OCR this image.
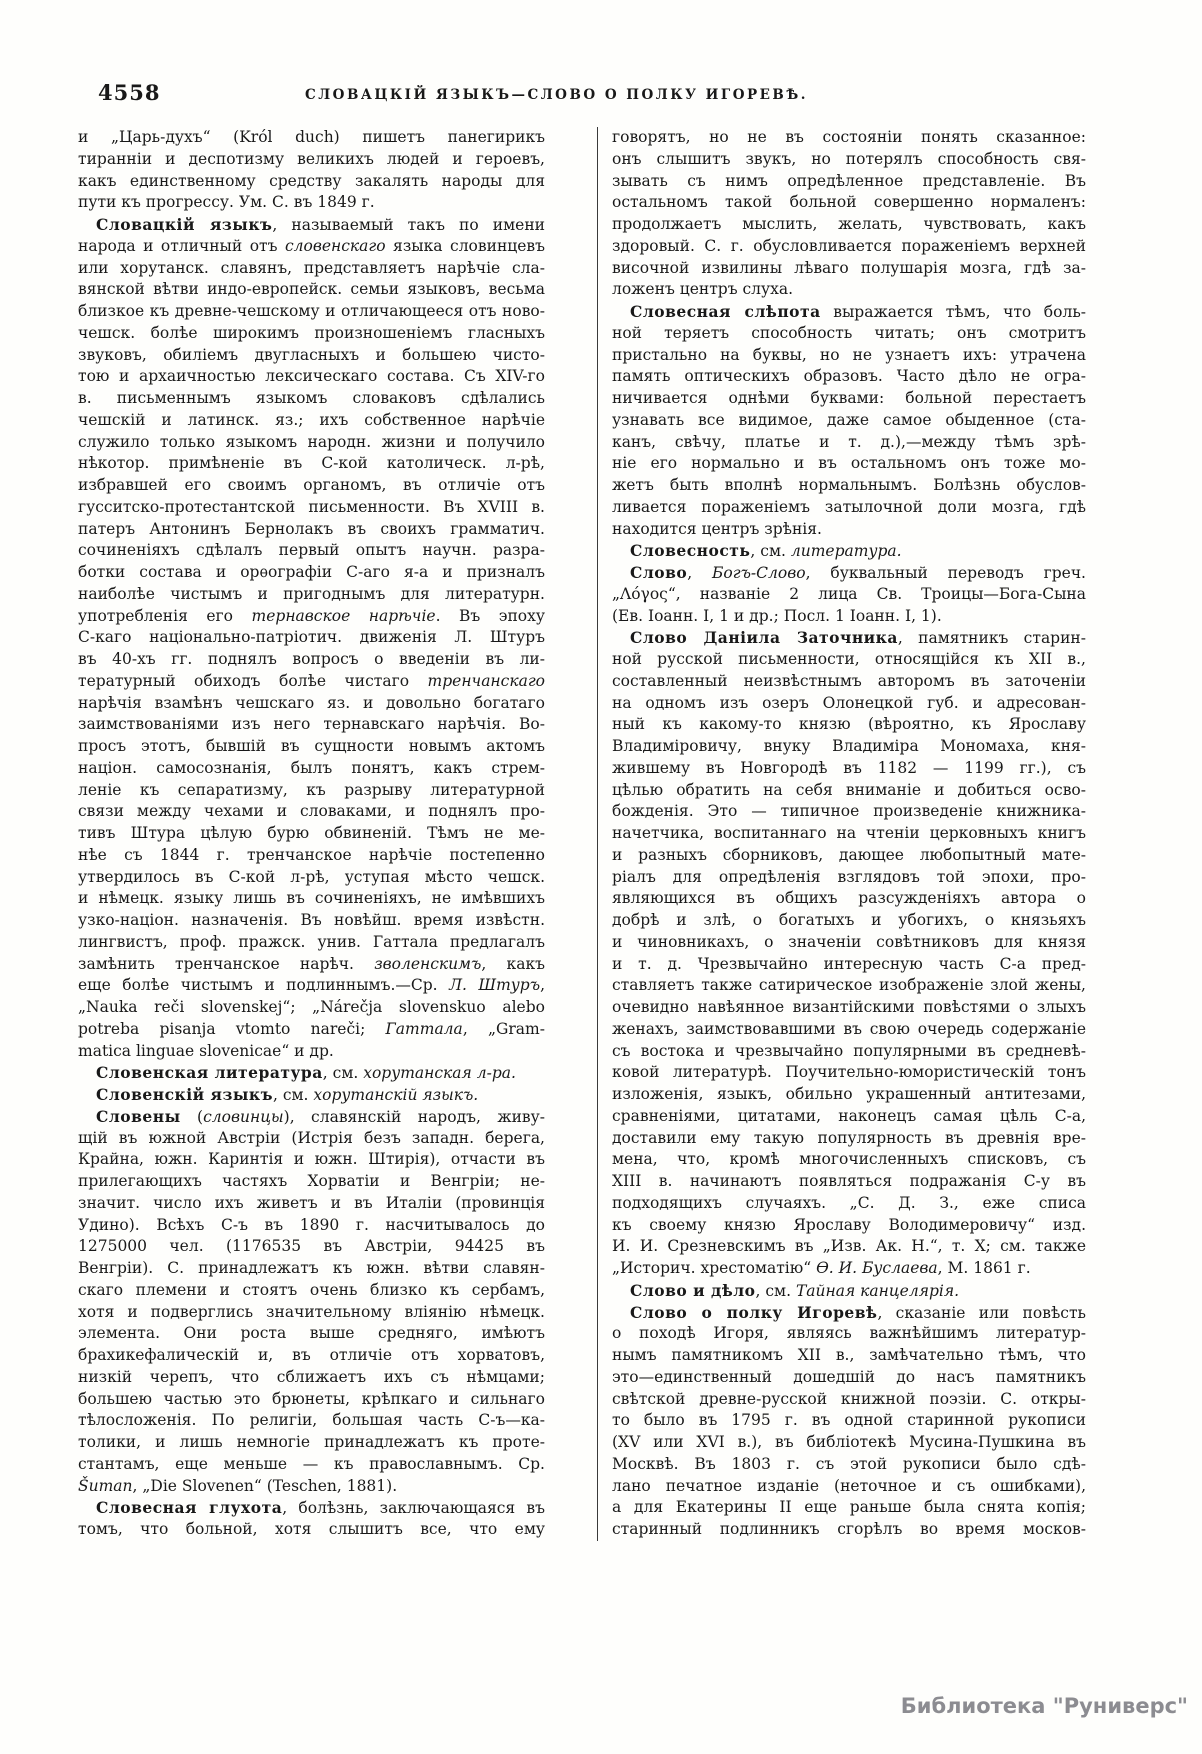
4558	СЛОВАЦКІЙ ЯЗЫКЪ—СЛОВО О ПОЛКУ ИГОРЕВѢ.
и „Царь-духъ“ (Król duch) пишетъ панегирикъ
тиранніи и деспотизму великихъ людей и героевъ,
какъ единственному средству закалять народы для
пути къ прогрессу. Ум. С. въ 1849 г.
Словацкій языкъ, называемый такъ по имени
народа и отличный отъ словенскаго языка словинцевъ
или хорутанск. славянъ, представляетъ нарѣчіе сла-
вянской вѣтви индо-европейск. семьи языковъ, весьма
близкое къ древне-чешскому и отличающееся отъ ново-
чешск. болѣе широкимъ произношеніемъ гласныхъ
звуковъ, обиліемъ двугласныхъ и большею чисто-
тою и архаичностью лексическаго состава. Съ XIV-го
в. письменнымъ языкомъ словаковъ сдѣлались
чешскій и латинск. яз.; ихъ собственное нарѣчіе
служило только языкомъ народн. жизни и получило
нѣкотор. примѣненіе въ С-кой католическ. л-рѣ,
избравшей его своимъ органомъ, въ отличіе отъ
гусситско-протестантской письменности. Въ XVIII в.
патеръ Антонинъ Бернолакъ въ своихъ грамматич.
сочиненіяхъ сдѣлалъ первый опытъ научн. разра-
ботки состава и орѳографіи С-аго я-а и призналъ
наиболѣе чистымъ и пригоднымъ для литературн.
употребленія его тернавское нарѣчіе. Въ эпоху
С-каго національно-патріотич. движенія Л. Штуръ
въ 40-хъ гг. поднялъ вопросъ о введеніи въ ли-
тературный обиходъ болѣе чистаго тренчанскаго
нарѣчія взамѣнъ чешскаго яз. и довольно богатаго
заимствованіями изъ него тернавскаго нарѣчія. Во-
просъ этотъ, бывшій въ сущности новымъ актомъ
націон. самосознанія, былъ понятъ, какъ стрем-
леніе къ сепаратизму, къ разрыву литературной
связи между чехами и словаками, и поднялъ про-
тивъ Штура цѣлую бурю обвиненій. Тѣмъ не ме-
нѣе съ 1844 г. тренчанское нарѣчіе постепенно
утвердилось въ С-кой л-рѣ, уступая мѣсто чешск.
и нѣмецк. языку лишь въ сочиненіяхъ, не имѣвшихъ
узко-націон. назначенія. Въ новѣйш. время извѣстн.
лингвистъ, проф. пражск. унив. Гаттала предлагалъ
замѣнить тренчанское нарѣч. зволенскимъ, какъ
еще болѣе чистымъ и подлиннымъ.—Ср. Л. Штуръ,
„Nauka reči slovenskej“; „Nárečja slovenskuo alebo
potreba pisanja vtomto nareči; Гаттала, „Gram-
matica linguae slovenicae“ и др.
Словенская литература, см. хорутанская л-ра.
Словенскій языкъ, см. хорутанскій языкъ.
Словены (словинцы), славянскій народъ, живу-
щій въ южной Австріи (Истрія безъ западн. берега,
Крайна, южн. Каринтія и южн. Штирія), отчасти въ
прилегающихъ частяхъ Хорватіи и Венгріи; не-
значит. число ихъ живетъ и въ Италіи (провинція
Удино). Всѣхъ С-ъ въ 1890 г. насчитывалось до
1275000 чел. (1176535 въ Австріи, 94425 въ
Венгріи). С. принадлежатъ къ южн. вѣтви славян-
скаго племени и стоятъ очень близко къ сербамъ,
хотя и подверглись значительному вліянію нѣмецк.
элемента. Они роста выше средняго, имѣютъ
брахикефалическій и, въ отличіе отъ хорватовъ,
низкій черепъ, что сближаетъ ихъ съ нѣмцами;
большею частью это брюнеты, крѣпкаго и сильнаго
тѣлосложенія. По религіи, большая часть С-ъ—ка-
толики, и лишь немногіе принадлежатъ къ проте-
стантамъ, еще меньше — къ православнымъ. Ср.
Šuman, „Die Slovenen“ (Teschen, 1881).
Словесная глухота, болѣзнь, заключающаяся въ
томъ, что больной, хотя слышитъ все, что ему
говорятъ, но не въ состояніи понять сказанное:
онъ слышитъ звукъ, но потерялъ способность свя-
зывать съ нимъ опредѣленное представленіе. Въ
остальномъ такой больной совершенно нормаленъ:
продолжаетъ мыслить, желать, чувствовать, какъ
здоровый. С. г. обусловливается пораженіемъ верхней
височной извилины лѣваго полушарія мозга, гдѣ за-
ложенъ центръ слуха.
Словесная слѣпота выражается тѣмъ, что боль-
ной теряетъ способность читать; онъ смотритъ
пристально на буквы, но не узнаетъ ихъ: утрачена
память оптическихъ образовъ. Часто дѣло не огра-
ничивается однѣми буквами: больной перестаетъ
узнавать все видимое, даже самое обыденное (ста-
канъ, свѣчу, платье и т. д.),—между тѣмъ зрѣ-
ніе его нормально и въ остальномъ онъ тоже мо-
жетъ быть вполнѣ нормальнымъ. Болѣзнь обуслов-
ливается пораженіемъ затылочной доли мозга, гдѣ
находится центръ зрѣнія.
Словесность, см. литература.
Слово, Богъ-Слово, буквальный переводъ греч.
„Λόγος“, названіе 2 лица Св. Троицы—Бога-Сына
(Ев. Іоанн. I, 1 и др.; Посл. 1 Іоанн. I, 1).
Слово Даніила Заточника, памятникъ старин-
ной русской письменности, относящійся къ XII в.,
составленный неизвѣстнымъ авторомъ въ заточеніи
на одномъ изъ озеръ Олонецкой губ. и адресован-
ный къ какому-то князю (вѣроятно, къ Ярославу
Владиміровичу, внуку Владиміра Мономаха, кня-
жившему въ Новгородѣ въ 1182 — 1199 гг.), съ
цѣлью обратить на себя вниманіе и добиться осво-
божденія. Это — типичное произведеніе книжника-
начетчика, воспитаннаго на чтеніи церковныхъ книгъ
и разныхъ сборниковъ, дающее любопытный мате-
ріалъ для опредѣленія взглядовъ той эпохи, про-
являющихся въ общихъ разсужденіяхъ автора о
добрѣ и злѣ, о богатыхъ и убогихъ, о князьяхъ
и чиновникахъ, о значеніи совѣтниковъ для князя
и т. д. Чрезвычайно интересную часть С-а пред-
ставляетъ также сатирическое изображеніе злой жены,
очевидно навѣянное византійскими повѣстями о злыхъ
женахъ, заимствовавшими въ свою очередь содержаніе
съ востока и чрезвычайно популярными въ средневѣ-
ковой литературѣ. Поучительно-юмористическій тонъ
изложенія, языкъ, обильно украшенный антитезами,
сравненіями, цитатами, наконецъ самая цѣль С-а,
доставили ему такую популярность въ древнія вре-
мена, что, кромѣ многочисленныхъ списковъ, съ
XIII в. начинаютъ появляться подражанія С-у въ
подходящихъ случаяхъ. „С. Д. З., еже списа
къ своему князю Ярославу Володимеровичу“ изд.
И. И. Срезневскимъ въ „Изв. Ак. Н.“, т. X; см. также
„Историч. хрестоматію“ Ѳ. И. Буслаева, М. 1861 г.
Слово и дѣло, см. Тайная канцелярія.
Слово о полку Игоревѣ, сказаніе или повѣсть
о походѣ Игоря, являясь важнѣйшимъ литератур-
нымъ памятникомъ XII в., замѣчательно тѣмъ, что
это—единственный дошедшій до насъ памятникъ
свѣтской древне-русской книжной поэзіи. С. откры-
то было въ 1795 г. въ одной старинной рукописи
(XV или XVI в.), въ библіотекѣ Мусина-Пушкина въ
Москвѣ. Въ 1803 г. съ этой рукописи было сдѣ-
лано печатное изданіе (неточное и съ ошибками),
а для Екатерины II еще раньше была снята копія;
старинный подлинникъ сгорѣлъ во время москов-
Библиотека "Руниверс"
